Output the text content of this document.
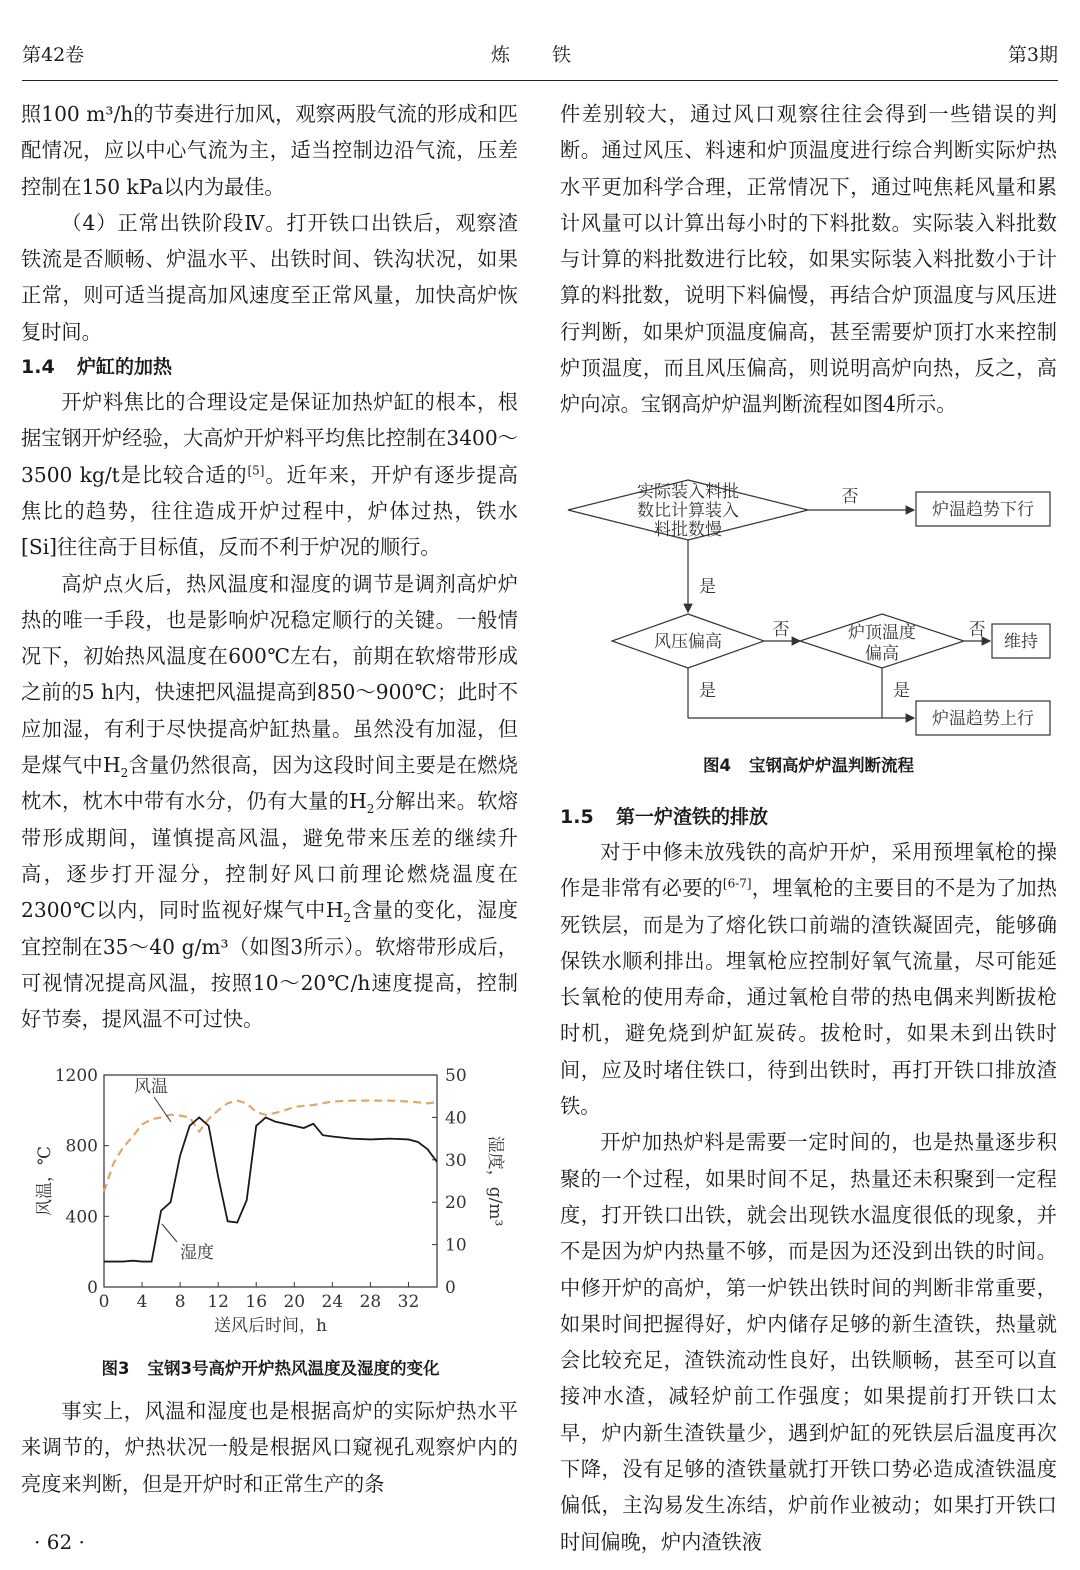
第42卷	炼 铁	第3期

照100 m³/h的节奏进行加风，观察两股气流的形成和匹配情况，应以中心气流为主，适当控制边沿气流，压差控制在150 kPa以内为最佳。

（4）正常出铁阶段Ⅳ。打开铁口出铁后，观察渣铁流是否顺畅、炉温水平、出铁时间、铁沟状况，如果正常，则可适当提高加风速度至正常风量，加快高炉恢复时间。

1.4 炉缸的加热

开炉料焦比的合理设定是保证加热炉缸的根本，根据宝钢开炉经验，大高炉开炉料平均焦比控制在3400～3500 kg/t是比较合适的[5]。近年来，开炉有逐步提高焦比的趋势，往往造成开炉过程中，炉体过热，铁水[Si]往往高于目标值，反而不利于炉况的顺行。

高炉点火后，热风温度和湿度的调节是调剂高炉炉热的唯一手段，也是影响炉况稳定顺行的关键。一般情况下，初始热风温度在600℃左右，前期在软熔带形成之前的5 h内，快速把风温提高到850～900℃；此时不应加湿，有利于尽快提高炉缸热量。虽然没有加湿，但是煤气中$H_2$含量仍然很高，因为这段时间主要是在燃烧枕木，枕木中带有水分，仍有大量的$H_2$分解出来。软熔带形成期间，谨慎提高风温，避免带来压差的继续升高，逐步打开湿分，控制好风口前理论燃烧温度在2300℃以内，同时监视好煤气中$H_2$含量的变化，湿度宜控制在35～40 g/m³（如图3所示）。软熔带形成后，可视情况提高风温，按照10～20℃/h速度提高，控制好节奏，提风温不可过快。

0 4 8 12 16 20 24 28 32
0
400
800
1200
0
10
20
30
40
50
送风后时间，h
风温，℃	湿度，g/m³
风温
湿度
图3 宝钢3号高炉开炉热风温度及湿度的变化

事实上，风温和湿度也是根据高炉的实际炉热水平来调节的，炉热状况一般是根据风口窥视孔观察炉内的亮度来判断，但是开炉时和正常生产的条

件差别较大，通过风口观察往往会得到一些错误的判断。通过风压、料速和炉顶温度进行综合判断实际炉热水平更加科学合理，正常情况下，通过吨焦耗风量和累计风量可以计算出每小时的下料批数。实际装入料批数与计算的料批数进行比较，如果实际装入料批数小于计算的料批数，说明下料偏慢，再结合炉顶温度与风压进行判断，如果炉顶温度偏高，甚至需要炉顶打水来控制炉顶温度，而且风压偏高，则说明高炉向热，反之，高炉向凉。宝钢高炉炉温判断流程如图4所示。

实际装入料批
数比计算装入
料批数慢
否
炉温趋势下行
是
风压偏高
否	炉顶温度
偏高
否
维持
是	是
炉温趋势上行
图4 宝钢高炉炉温判断流程
1.5 第一炉渣铁的排放

对于中修未放残铁的高炉开炉，采用预埋氧枪的操作是非常有必要的[6-7]，埋氧枪的主要目的不是为了加热死铁层，而是为了熔化铁口前端的渣铁凝固壳，能够确保铁水顺利排出。埋氧枪应控制好氧气流量，尽可能延长氧枪的使用寿命，通过氧枪自带的热电偶来判断拔枪时机，避免烧到炉缸炭砖。拔枪时，如果未到出铁时间，应及时堵住铁口，待到出铁时，再打开铁口排放渣铁。

开炉加热炉料是需要一定时间的，也是热量逐步积聚的一个过程，如果时间不足，热量还未积聚到一定程度，打开铁口出铁，就会出现铁水温度很低的现象，并不是因为炉内热量不够，而是因为还没到出铁的时间。中修开炉的高炉，第一炉铁出铁时间的判断非常重要，如果时间把握得好，炉内储存足够的新生渣铁，热量就会比较充足，渣铁流动性良好，出铁顺畅，甚至可以直接冲水渣，减轻炉前工作强度；如果提前打开铁口太早，炉内新生渣铁量少，遇到炉缸的死铁层后温度再次下降，没有足够的渣铁量就打开铁口势必造成渣铁温度偏低，主沟易发生冻结，炉前作业被动；如果打开铁口时间偏晚，炉内渣铁液

· 62 ·
